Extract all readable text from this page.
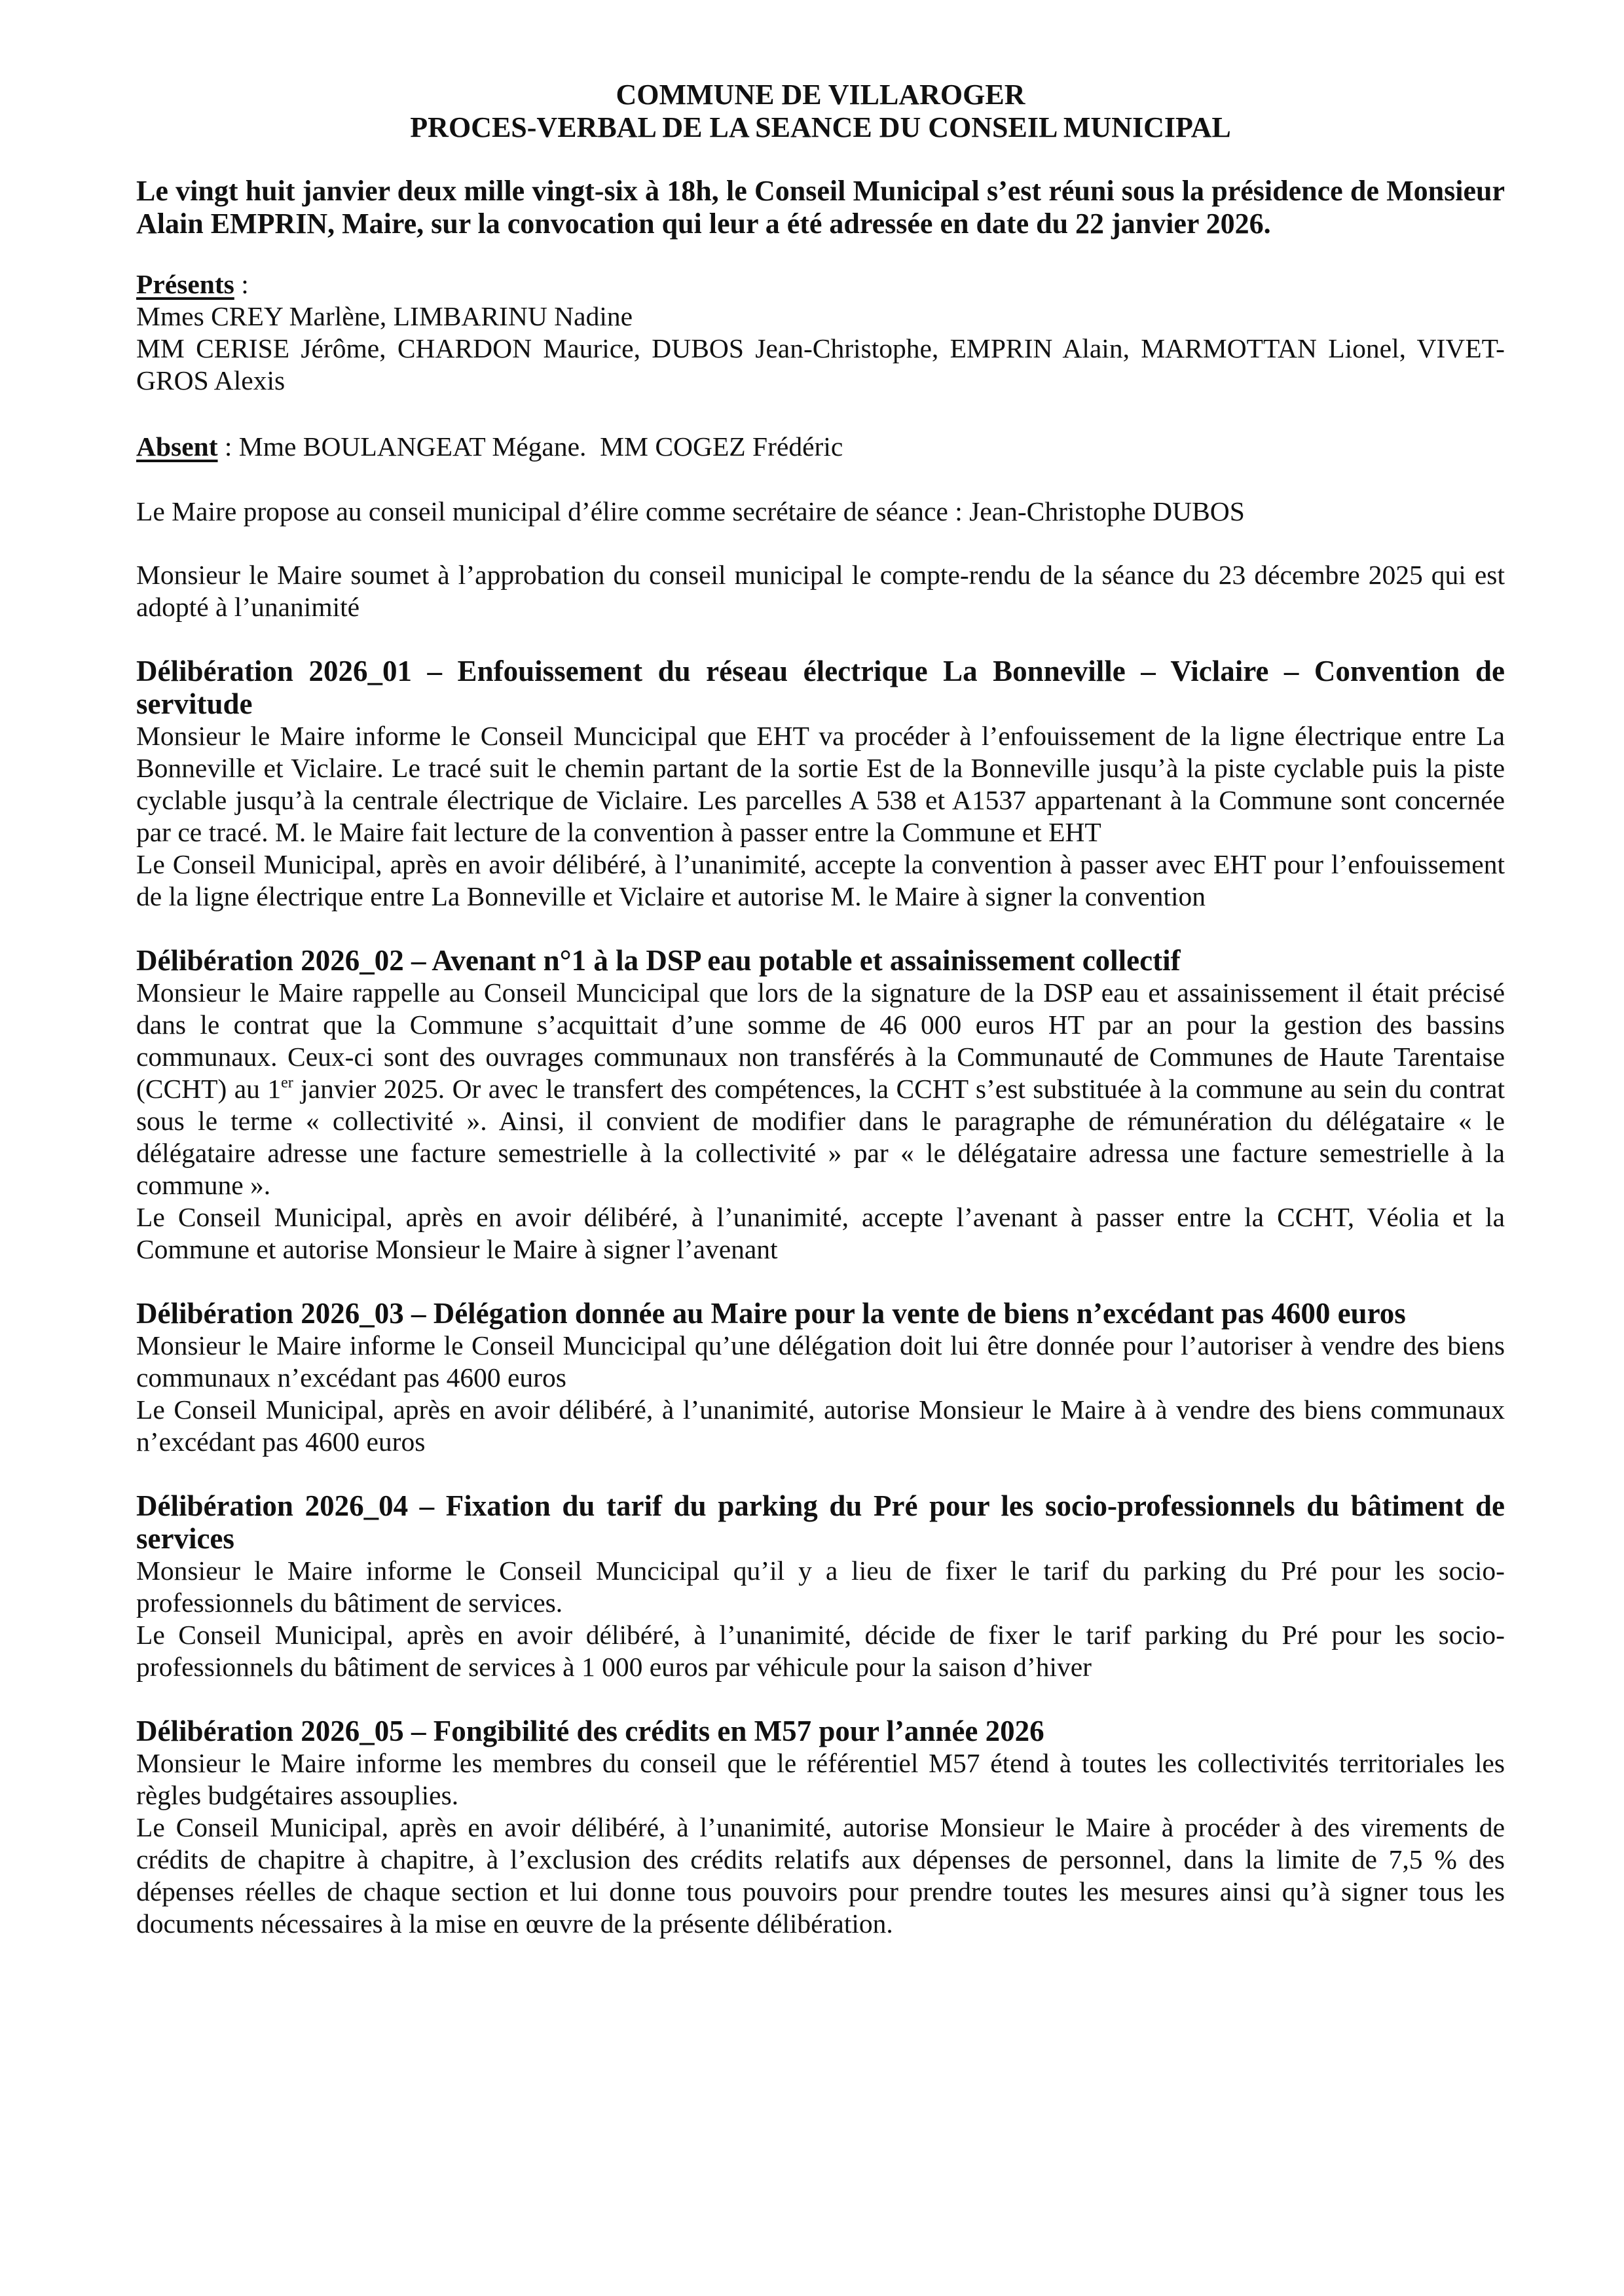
COMMUNE DE VILLAROGER
PROCES-VERBAL DE LA SEANCE DU CONSEIL MUNICIPAL

Le vingt huit janvier deux mille vingt-six à 18h, le Conseil Municipal s’est réuni sous la présidence de Monsieur Alain EMPRIN, Maire, sur la convocation qui leur a été adressée en date du 22 janvier 2026.

Présents :
Mmes CREY Marlène, LIMBARINU Nadine
MM CERISE Jérôme, CHARDON Maurice, DUBOS Jean-Christophe, EMPRIN Alain, MARMOTTAN Lionel, VIVET-GROS Alexis
Absent : Mme BOULANGEAT Mégane.  MM COGEZ Frédéric

Le Maire propose au conseil municipal d’élire comme secrétaire de séance : Jean-Christophe DUBOS

Monsieur le Maire soumet à l’approbation du conseil municipal le compte-rendu de la séance du 23 décembre 2025 qui est adopté à l’unanimité

Délibération 2026_01 – Enfouissement du réseau électrique La Bonneville – Viclaire – Convention de servitude

Monsieur le Maire informe le Conseil Muncicipal que EHT va procéder à l’enfouissement de la ligne électrique entre La Bonneville et Viclaire. Le tracé suit le chemin partant de la sortie Est de la Bonneville jusqu’à la piste cyclable puis la piste cyclable jusqu’à la centrale électrique de Viclaire. Les parcelles A 538 et A1537 appartenant à la Commune sont concernée par ce tracé. M. le Maire fait lecture de la convention à passer entre la Commune et EHT

Le Conseil Municipal, après en avoir délibéré, à l’unanimité, accepte la convention à passer avec EHT pour l’enfouissement de la ligne électrique entre La Bonneville et Viclaire et autorise M. le Maire à signer la convention

Délibération 2026_02 – Avenant n°1 à la DSP eau potable et assainissement collectif

Monsieur le Maire rappelle au Conseil Muncicipal que lors de la signature de la DSP eau et assainissement il était précisé dans le contrat que la Commune s’acquittait d’une somme de 46 000 euros HT par an pour la gestion des bassins communaux. Ceux-ci sont des ouvrages communaux non transférés à la Communauté de Communes de Haute Tarentaise (CCHT) au 1er janvier 2025. Or avec le transfert des compétences, la CCHT s’est substituée à la commune au sein du contrat sous le terme « collectivité ». Ainsi, il convient de modifier dans le paragraphe de rémunération du délégataire « le délégataire adresse une facture semestrielle à la collectivité » par « le délégataire adressa une facture semestrielle à la commune ».

Le Conseil Municipal, après en avoir délibéré, à l’unanimité, accepte l’avenant à passer entre la CCHT, Véolia et la Commune et autorise Monsieur le Maire à signer l’avenant

Délibération 2026_03 – Délégation donnée au Maire pour la vente de biens n’excédant pas 4600 euros

Monsieur le Maire informe le Conseil Muncicipal qu’une délégation doit lui être donnée pour l’autoriser à vendre des biens communaux n’excédant pas 4600 euros

Le Conseil Municipal, après en avoir délibéré, à l’unanimité, autorise Monsieur le Maire à à vendre des biens communaux n’excédant pas 4600 euros

Délibération 2026_04 – Fixation du tarif du parking du Pré pour les socio-professionnels du bâtiment de services

Monsieur le Maire informe le Conseil Muncicipal qu’il y a lieu de fixer le tarif du parking du Pré pour les socio-professionnels du bâtiment de services.

Le Conseil Municipal, après en avoir délibéré, à l’unanimité, décide de fixer le tarif parking du Pré pour les socio-professionnels du bâtiment de services à 1 000 euros par véhicule pour la saison d’hiver

Délibération 2026_05 – Fongibilité des crédits en M57 pour l’année 2026

Monsieur le Maire informe les membres du conseil que le référentiel M57 étend à toutes les collectivités territoriales les règles budgétaires assouplies.

Le Conseil Municipal, après en avoir délibéré, à l’unanimité, autorise Monsieur le Maire à procéder à des virements de crédits de chapitre à chapitre, à l’exclusion des crédits relatifs aux dépenses de personnel, dans la limite de 7,5 % des dépenses réelles de chaque section et lui donne tous pouvoirs pour prendre toutes les mesures ainsi qu’à signer tous les documents nécessaires à la mise en œuvre de la présente délibération.
